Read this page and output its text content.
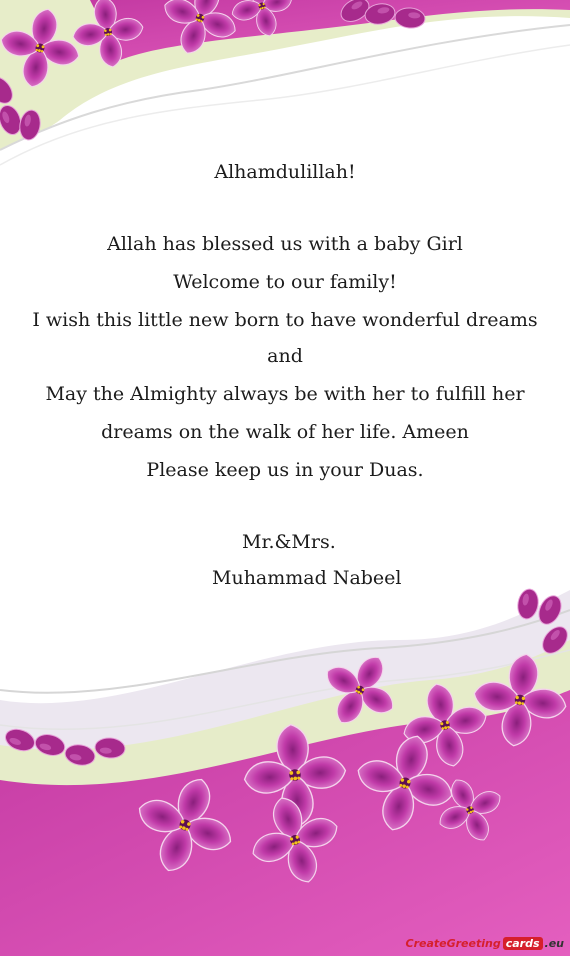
Alhamdulillah!
Allah has blessed us with a baby Girl
Welcome to our family!
I wish this little new born to have wonderful dreams
and
May the Almighty always be with her to fulfill her
dreams on the walk of her life. Ameen
Please keep us in your Duas.
Mr.&Mrs.
Muhammad Nabeel
CreateGreeting cards .eu
